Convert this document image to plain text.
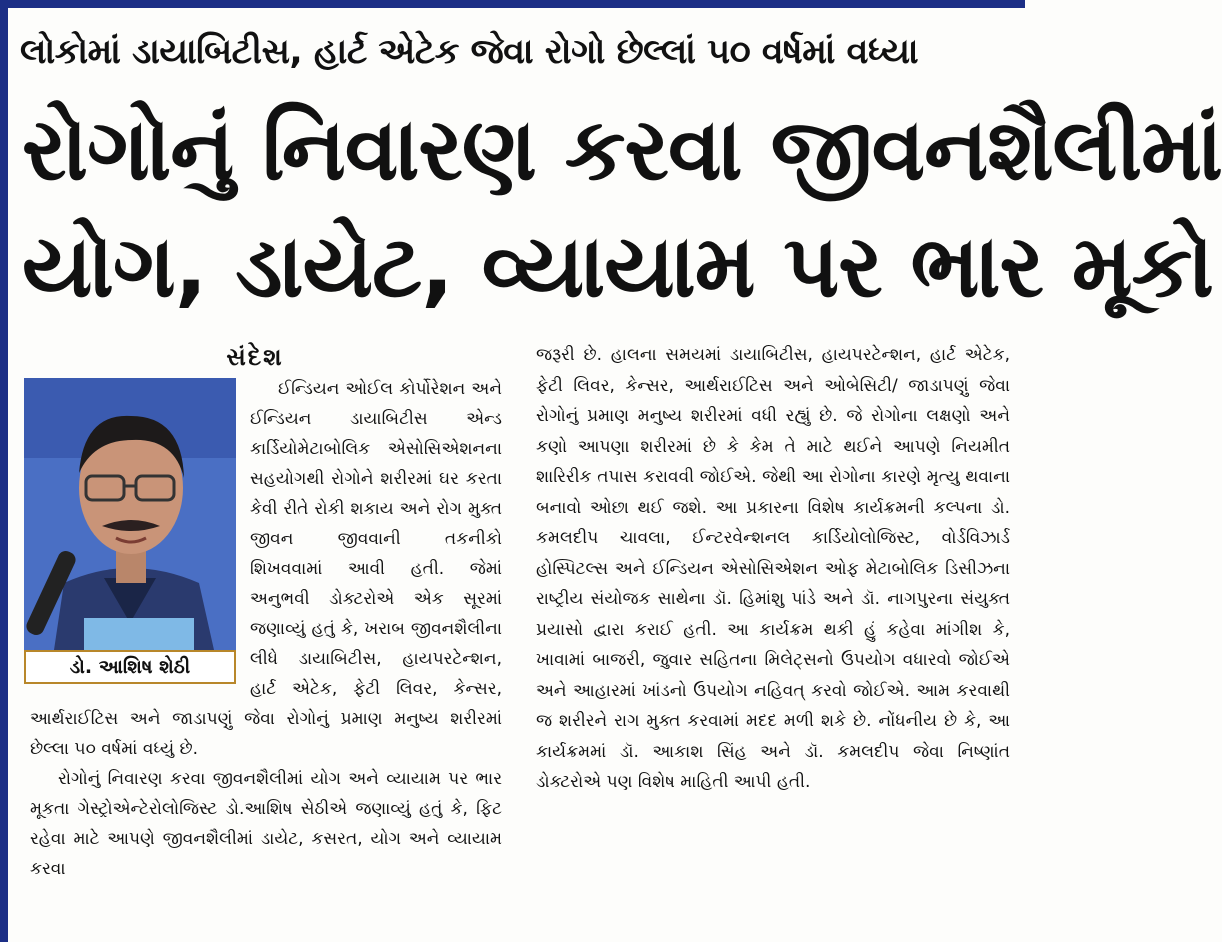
લોકોમાં ડાયાબિટીસ, હાર્ટ એટેક જેવા રોગો છેલ્લાં ૫૦ વર્ષમાં વધ્યા
રોગોનું નિવારણ કરવા જીવનશૈલીમાં
યોગ, ડાયેટ, વ્યાયામ પર ભાર મૂકો
સંદેશ
ડો. આશિષ શેઠી

ઈન્ડિયન ઓઈલ કોર્પોરેશન અને ઈન્ડિયન ડાયાબિટીસ એન્ડ કાર્ડિયોમેટાબોલિક એસોસિએશનના સહયોગથી રોગોને શરીરમાં ઘર કરતા કેવી રીતે રોકી શકાય અને રોગ મુક્ત જીવન જીવવાની તકનીકો શિખવવામાં આવી હતી. જેમાં અનુભવી ડોક્ટરોએ એક સૂરમાં જણાવ્યું હતું કે, ખરાબ જીવનશૈલીના લીધે ડાયાબિટીસ, હાયપરટેન્શન, હાર્ટ એટેક, ફેટી લિવર, કેન્સર, આર્થરાઈટિસ અને જાડાપણું જેવા રોગોનું પ્રમાણ મનુષ્ય શરીરમાં છેલ્લા ૫૦ વર્ષમાં વધ્યું છે.

રોગોનું નિવારણ કરવા જીવનશૈલીમાં યોગ અને વ્યાયામ પર ભાર મૂકતા ગેસ્ટ્રોએન્ટેરોલોજિસ્ટ ડો.આશિષ સેઠીએ જણાવ્યું હતું કે, ફિટ રહેવા માટે આપણે જીવનશૈલીમાં ડાયેટ, કસરત, યોગ અને વ્યાયામ કરવા

જરૂરી છે. હાલના સમયમાં ડાયાબિટીસ, હાયપરટેન્શન, હાર્ટ એટેક, ફેટી લિવર, કેન્સર, આર્થરાઈટિસ અને ઓબેસિટી/ જાડાપણું જેવા રોગોનું પ્રમાણ મનુષ્ય શરીરમાં વધી રહ્યું છે. જે રોગોના લક્ષણો અને કણો આપણા શરીરમાં છે કે કેમ તે માટે થઈને આપણે નિયમીત શારિરીક તપાસ કરાવવી જોઈએ. જેથી આ રોગોના કારણે મૃત્યુ થવાના બનાવો ઓછા થઈ જશે. આ પ્રકારના વિશેષ કાર્યક્રમની કલ્પના ડો. કમલદીપ ચાવલા, ઈન્ટરવેન્શનલ કાર્ડિયોલોજિસ્ટ, વોર્ડવિઝાર્ડ હોસ્પિટલ્સ અને ઈન્ડિયન એસોસિએશન ઓફ મેટાબોલિક ડિસીઝના રાષ્ટ્રીય સંયોજક સાથેના ડૉ. હિમાંશુ પાંડે અને ડૉ. નાગપુરના સંયુક્ત પ્રયાસો દ્વારા કરાઈ હતી. આ કાર્યક્રમ થકી હું કહેવા માંગીશ કે, ખાવામાં બાજરી, જુવાર સહિતના મિલેટ્સનો ઉપયોગ વધારવો જોઈએ અને આહારમાં ખાંડનો ઉપયોગ નહિવત્ કરવો જોઈએ. આમ કરવાથી જ શરીરને રાગ મુક્ત કરવામાં મદદ મળી શકે છે. નોંધનીય છે કે, આ કાર્યક્રમમાં ડૉ. આકાશ સિંહ અને ડૉ. કમલદીપ જેવા નિષ્ણાંત ડોક્ટરોએ પણ વિશેષ માહિતી આપી હતી.
